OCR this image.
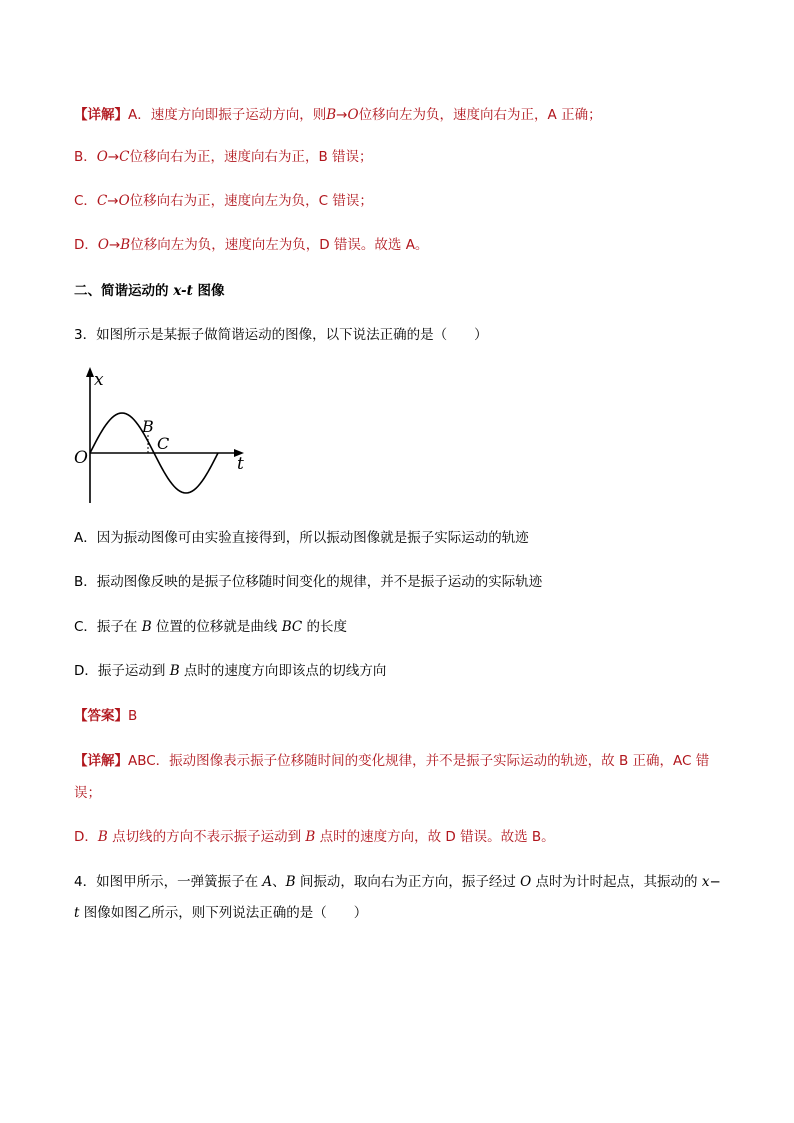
【详解】A．速度方向即振子运动方向，则B→O位移向左为负，速度向右为正，A 正确；
B．O→C位移向右为正，速度向右为正，B 错误；
C．C→O位移向右为正，速度向左为负，C 错误；
D．O→B位移向左为负，速度向左为负，D 错误。故选 A。
二、简谐运动的 x-t 图像
3．如图所示是某振子做简谐运动的图像，以下说法正确的是（　　）
x
t
O
B
C
A．因为振动图像可由实验直接得到，所以振动图像就是振子实际运动的轨迹
B．振动图像反映的是振子位移随时间变化的规律，并不是振子运动的实际轨迹
C．振子在 B 位置的位移就是曲线 BC 的长度
D．振子运动到 B 点时的速度方向即该点的切线方向
【答案】B
【详解】ABC．振动图像表示振子位移随时间的变化规律，并不是振子实际运动的轨迹，故 B 正确，AC 错
误；
D．B 点切线的方向不表示振子运动到 B 点时的速度方向，故 D 错误。故选 B。
4．如图甲所示，一弹簧振子在 A、B 间振动，取向右为正方向，振子经过 O 点时为计时起点，其振动的 x−
t 图像如图乙所示，则下列说法正确的是（　　）
